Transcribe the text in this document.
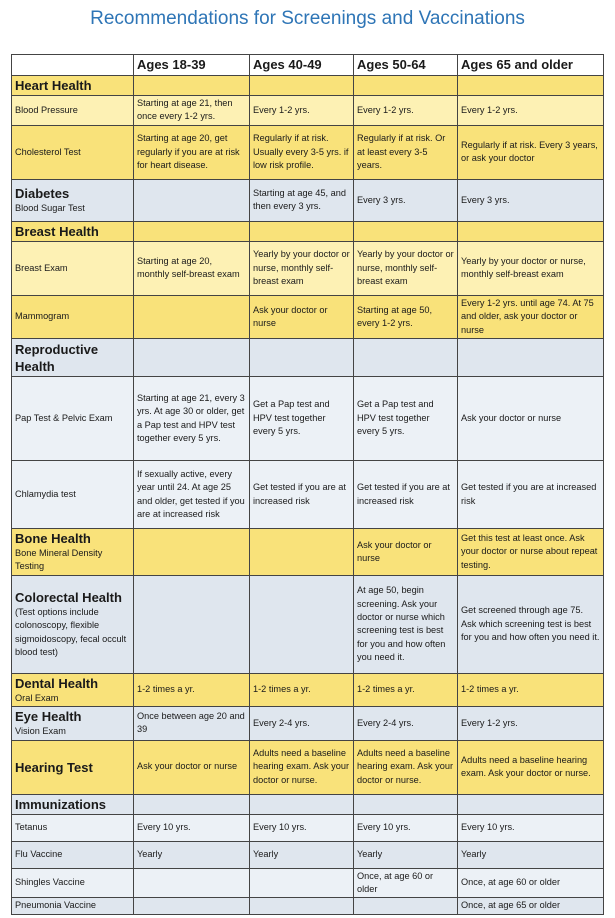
Recommendations for Screenings and Vaccinations
	Ages 18-39	Ages 40-49	Ages 50-64	Ages 65 and older

Heart Health				

Blood Pressure	Starting at age 21, then once every 1-2 yrs.	Every 1-2 yrs.	Every 1-2 yrs.	Every 1-2 yrs.
Cholesterol Test	Starting at age 20, get regularly if you are at risk for heart disease.	Regularly if at risk. Usually every 3-5 yrs. if low risk profile.	Regularly if at risk. Or at least every 3-5 years.	Regularly if at risk. Every 3 years, or ask your doctor

Diabetes
Blood Sugar Test		Starting at age 45, and then every 3 yrs.	Every 3 yrs.	Every 3 yrs.

Breast Health				

Breast Exam	Starting at age 20, monthly self-breast exam	Yearly by your doctor or nurse, monthly self-breast exam	Yearly by your doctor or nurse, monthly self-breast exam	Yearly by your doctor or nurse, monthly self-breast exam
Mammogram		Ask your doctor or nurse	Starting at age 50, every 1-2 yrs.	Every 1-2 yrs. until age 74. At 75 and older, ask your doctor or nurse

Reproductive Health				

Pap Test & Pelvic Exam	Starting at age 21, every 3 yrs. At age 30 or older, get a Pap test and HPV test together every 5 yrs.	Get a Pap test and HPV test together every 5 yrs.	Get a Pap test and HPV test together every 5 yrs.	Ask your doctor or nurse
Chlamydia test	If sexually active, every year until 24. At age 25 and older, get tested if you are at increased risk	Get tested if you are at increased risk	Get tested if you are at increased risk	Get tested if you are at increased risk

Bone Health
Bone Mineral Density Testing			Ask your doctor or nurse	Get this test at least once. Ask your doctor or nurse about repeat testing.

Colorectal Health
(Test options include colonoscopy, flexible sigmoidoscopy, fecal occult blood test)			At age 50, begin screening. Ask your doctor or nurse which screening test is best for you and how often you need it.	Get screened through age 75. Ask which screening test is best for you and how often you need it.

Dental Health
Oral Exam	1-2 times a yr.	1-2 times a yr.	1-2 times a yr.	1-2 times a yr.

Eye Health
Vision Exam	Once between age 20 and 39	Every 2-4 yrs.	Every 2-4 yrs.	Every 1-2 yrs.

Hearing Test	Ask your doctor or nurse	Adults need a baseline hearing exam. Ask your doctor or nurse.	Adults need a baseline hearing exam. Ask your doctor or nurse.	Adults need a baseline hearing exam. Ask your doctor or nurse.

Immunizations				

Tetanus	Every 10 yrs.	Every 10 yrs.	Every 10 yrs.	Every 10 yrs.
Flu Vaccine	Yearly	Yearly	Yearly	Yearly
Shingles Vaccine			Once, at age 60 or older	Once, at age 60 or older
Pneumonia Vaccine				Once, at age 65 or older
